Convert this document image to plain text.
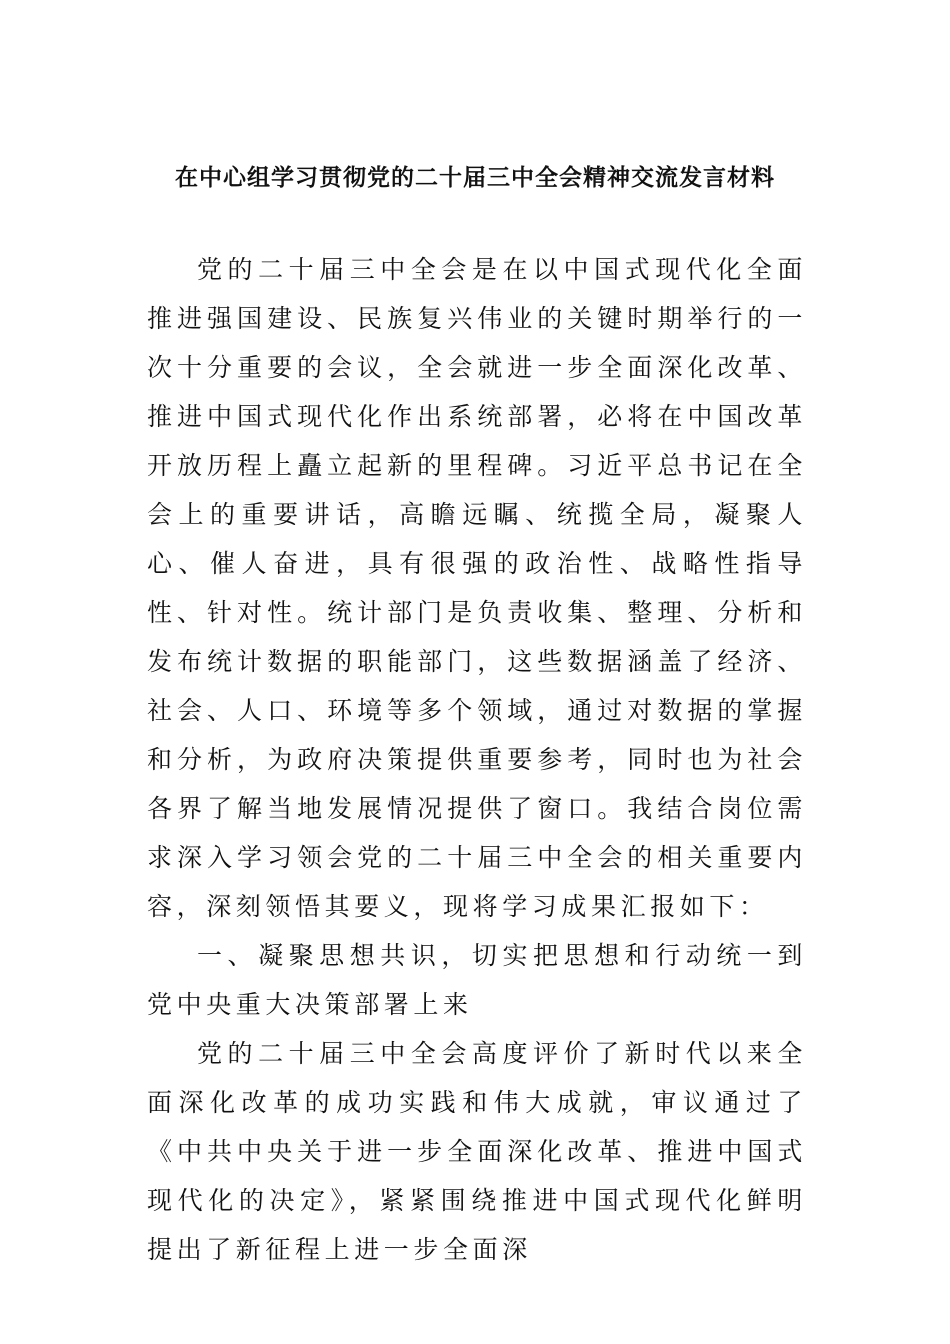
在中心组学习贯彻党的二十届三中全会精神交流发言材料

党的二十届三中全会是在以中国式现代化全面推进强国建设、民族复兴伟业的关键时期举行的一次十分重要的会议，全会就进一步全面深化改革、推进中国式现代化作出系统部署，必将在中国改革开放历程上矗立起新的里程碑。习近平总书记在全会上的重要讲话，高瞻远瞩、统揽全局，凝聚人心、催人奋进，具有很强的政治性、战略性指导性、针对性。统计部门是负责收集、整理、分析和发布统计数据的职能部门，这些数据涵盖了经济、社会、人口、环境等多个领域，通过对数据的掌握和分析，为政府决策提供重要参考，同时也为社会各界了解当地发展情况提供了窗口。我结合岗位需求深入学习领会党的二十届三中全会的相关重要内容，深刻领悟其要义，现将学习成果汇报如下：

一、凝聚思想共识，切实把思想和行动统一到党中央重大决策部署上来

党的二十届三中全会高度评价了新时代以来全面深化改革的成功实践和伟大成就，审议通过了《中共中央关于进一步全面深化改革、推进中国式现代化的决定》，紧紧围绕推进中国式现代化鲜明提出了新征程上进一步全面深
